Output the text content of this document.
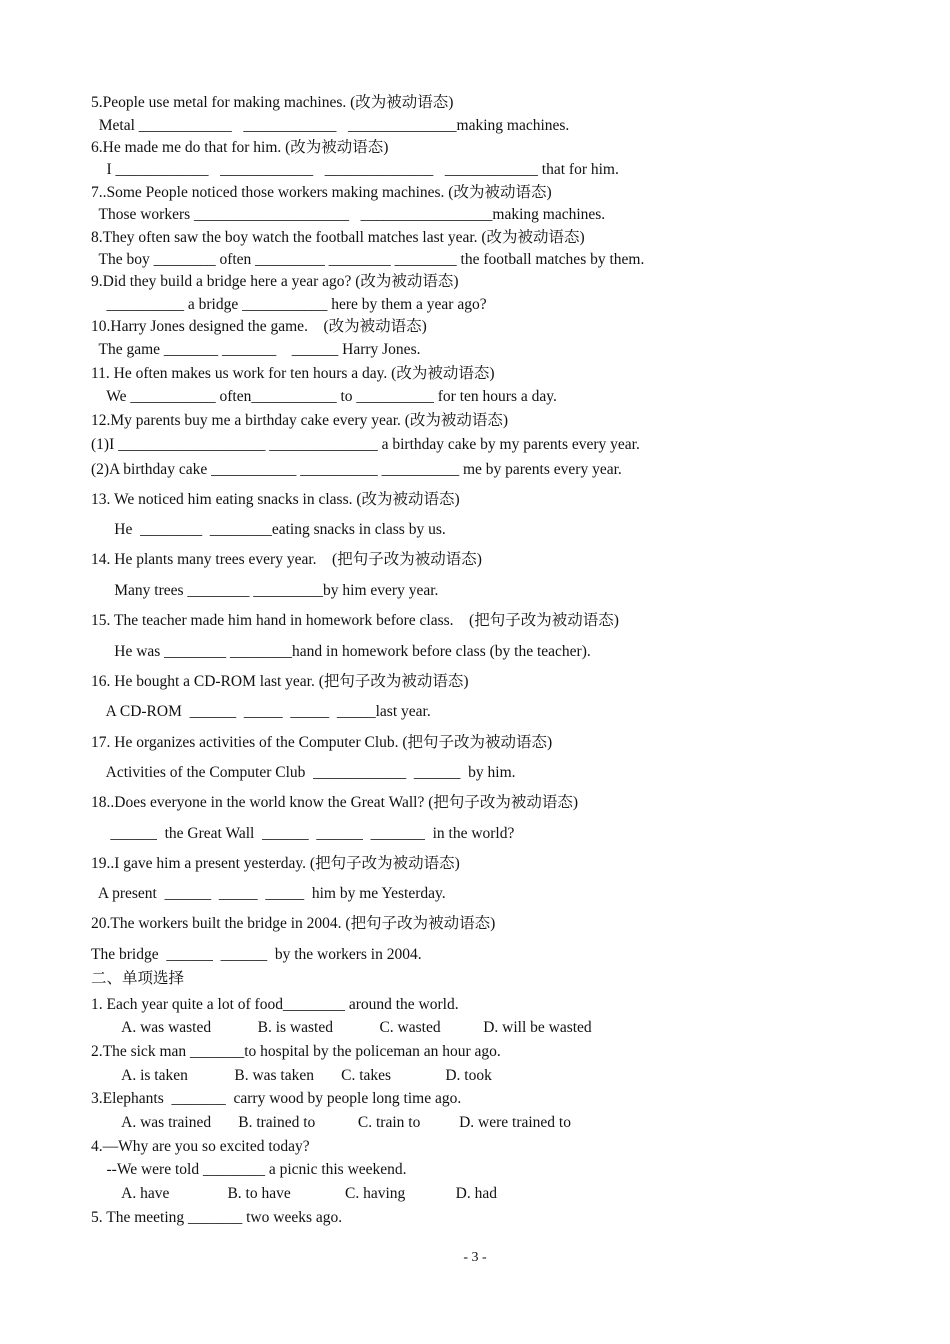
5.People use metal for making machines. (改为被动语态)
Metal ____________   ____________   ______________making machines.
6.He made me do that for him. (改为被动语态)
I ____________   ____________   ______________   ____________ that for him.
7..Some People noticed those workers making machines. (改为被动语态)
Those workers ____________________   _________________making machines.
8.They often saw the boy watch the football matches last year. (改为被动语态)
The boy ________ often _________ ________ ________ the football matches by them.
9.Did they build a bridge here a year ago? (改为被动语态)
__________ a bridge ___________ here by them a year ago?
10.Harry Jones designed the game.    (改为被动语态)
The game _______ _______    ______ Harry Jones.
11. He often makes us work for ten hours a day. (改为被动语态)
We ___________ often___________ to __________ for ten hours a day.
12.My parents buy me a birthday cake every year. (改为被动语态)
(1)I ___________________ ______________ a birthday cake by my parents every year.
(2)A birthday cake ___________ __________ __________ me by parents every year.
13. We noticed him eating snacks in class. (改为被动语态)
He  ________  ________eating snacks in class by us.
14. He plants many trees every year.    (把句子改为被动语态)
Many trees ________ _________by him every year.
15. The teacher made him hand in homework before class.    (把句子改为被动语态)
He was ________ ________hand in homework before class (by the teacher).
16. He bought a CD-ROM last year. (把句子改为被动语态)
A CD-ROM  ______  _____  _____  _____last year.
17. He organizes activities of the Computer Club. (把句子改为被动语态)
Activities of the Computer Club  ____________  ______  by him.
18..Does everyone in the world know the Great Wall? (把句子改为被动语态)
______  the Great Wall  ______  ______  _______  in the world?
19..I gave him a present yesterday. (把句子改为被动语态)
A present  ______  _____  _____  him by me Yesterday.
20.The workers built the bridge in 2004. (把句子改为被动语态)
The bridge  ______  ______  by the workers in 2004.
二、单项选择
1. Each year quite a lot of food________ around the world.
A. was wasted            B. is wasted            C. wasted           D. will be wasted
2.The sick man _______to hospital by the policeman an hour ago.
A. is taken            B. was taken       C. takes              D. took
3.Elephants  _______  carry wood by people long time ago.
A. was trained       B. trained to           C. train to          D. were trained to
4.—Why are you so excited today?
--We were told ________ a picnic this weekend.
A. have               B. to have              C. having             D. had
5. The meeting _______ two weeks ago.
- 3 -
